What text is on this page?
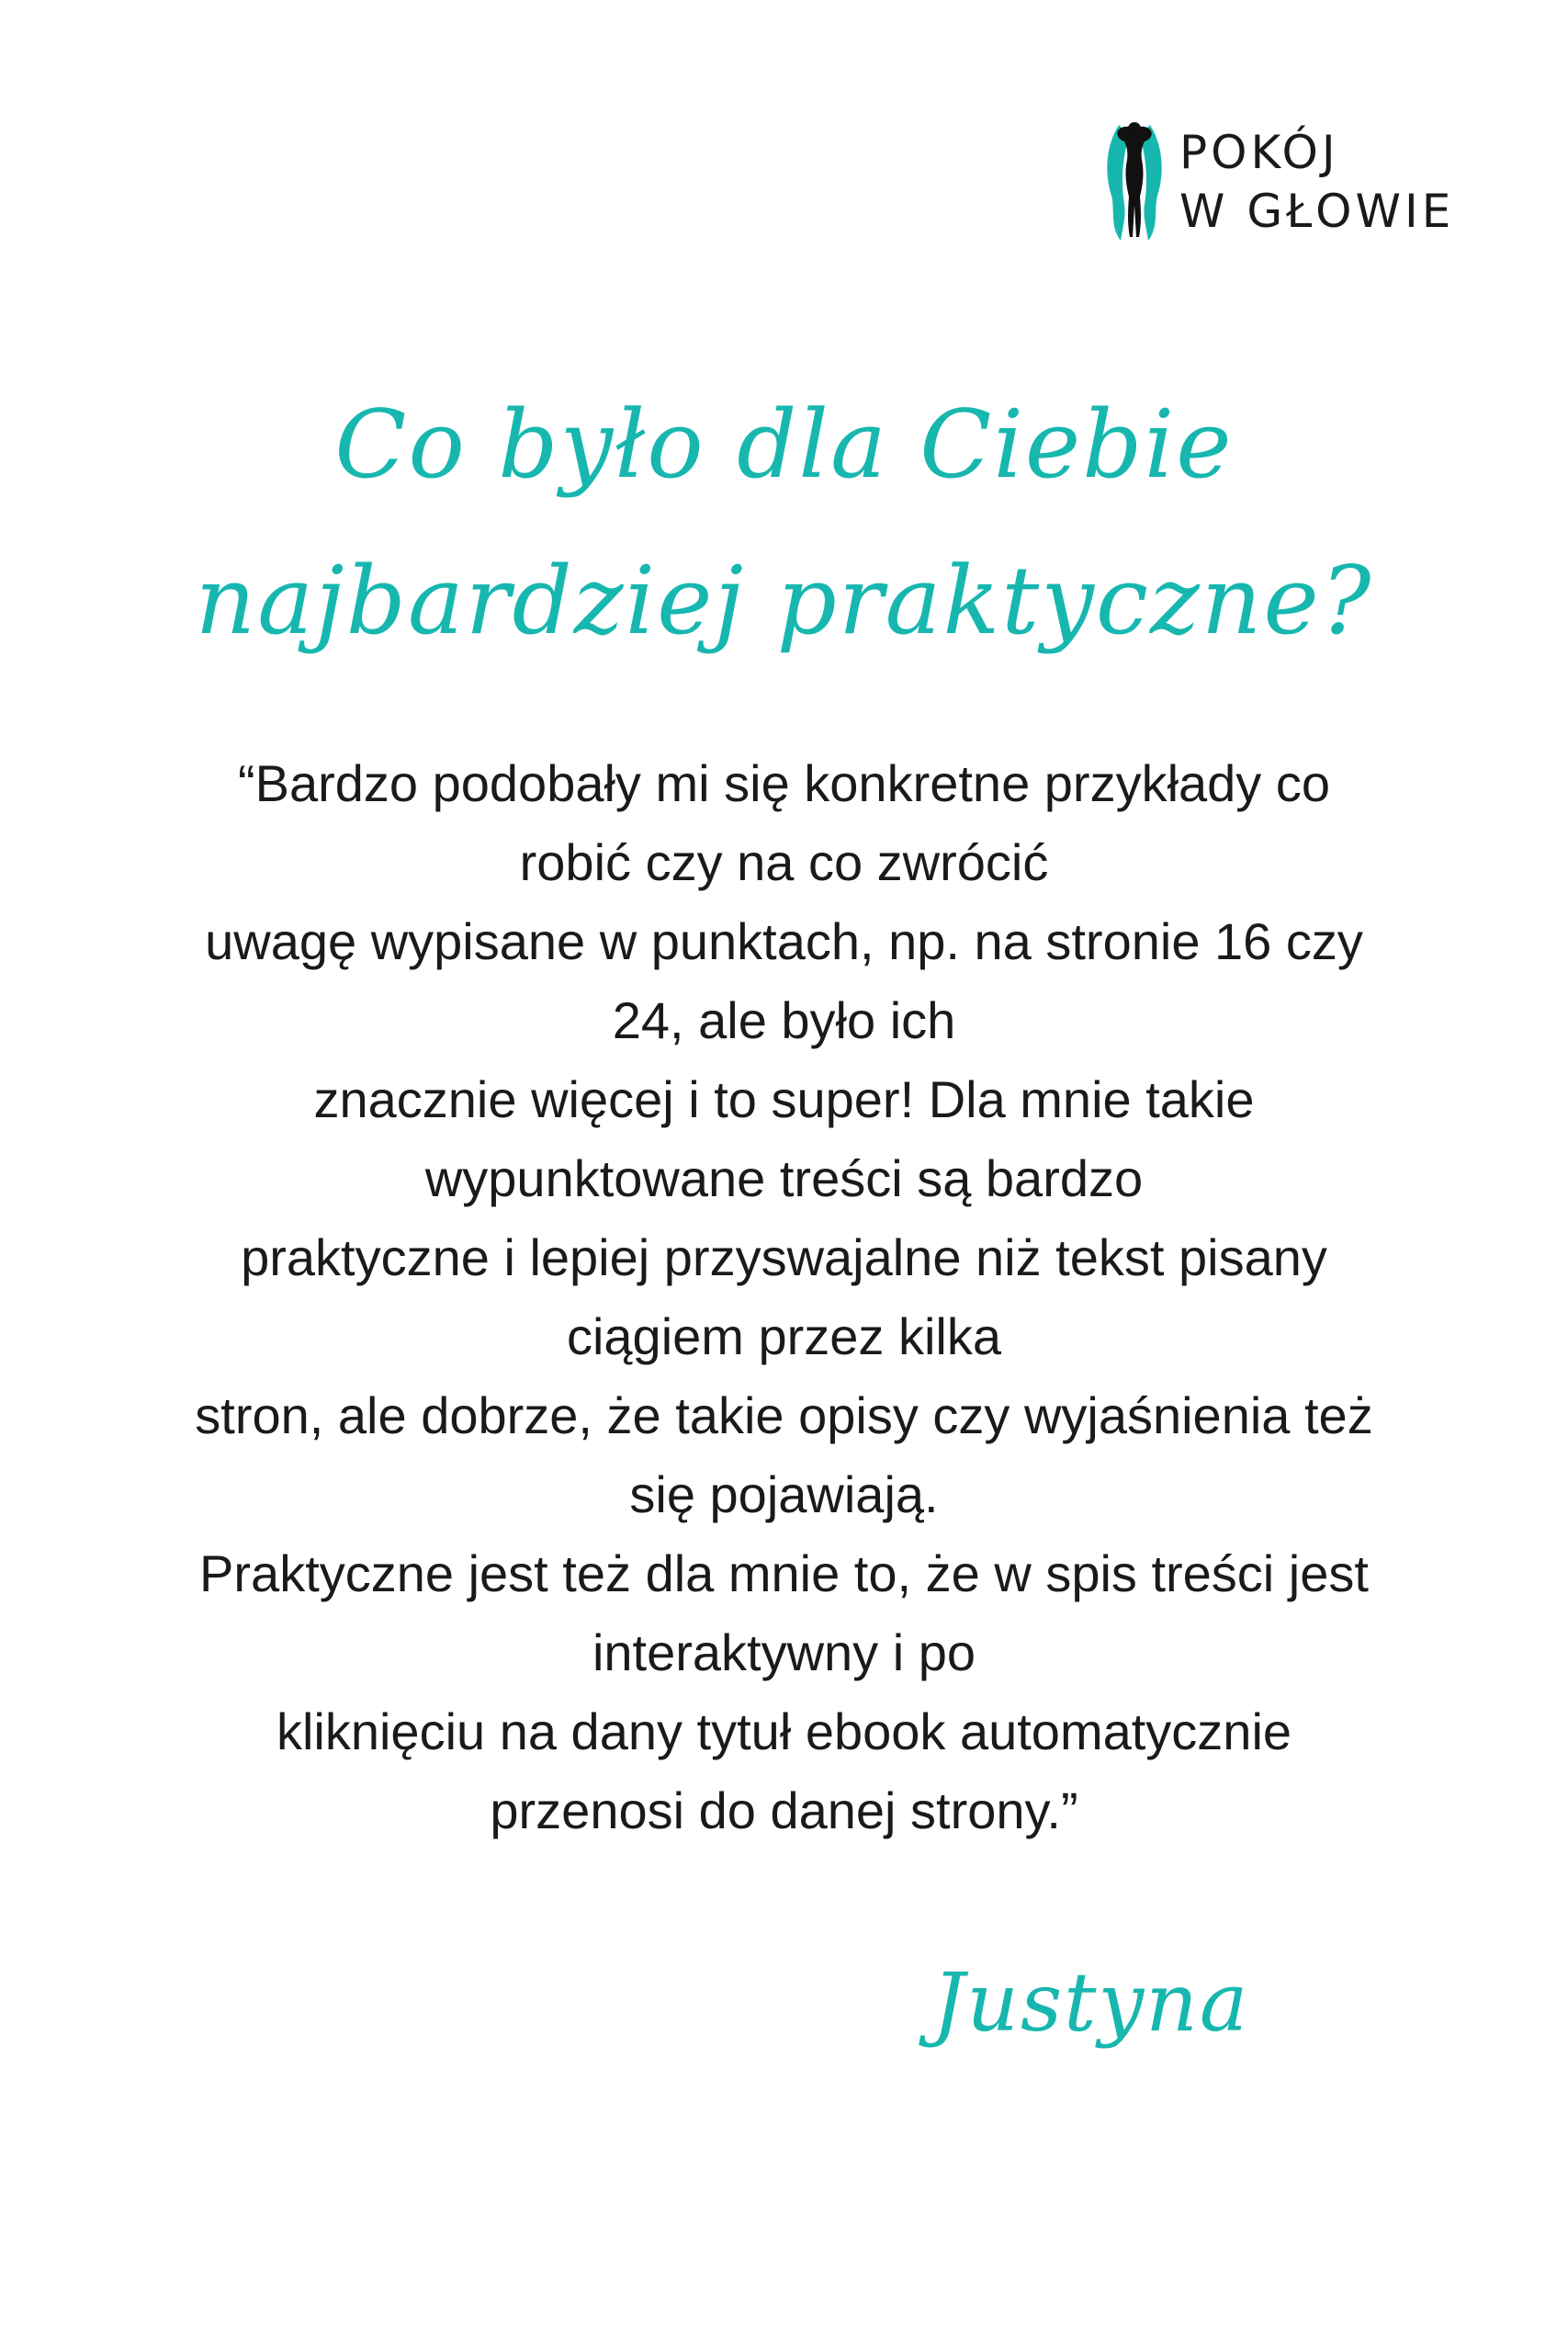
POKÓJ
W GŁOWIE
Co było dla Ciebie
najbardziej praktyczne?

“Bardzo podobały mi się konkretne przykłady co
robić czy na co zwrócić
uwagę wypisane w punktach, np. na stronie 16 czy
24, ale było ich
znacznie więcej i to super! Dla mnie takie
wypunktowane treści są bardzo
praktyczne i lepiej przyswajalne niż tekst pisany
ciągiem przez kilka
stron, ale dobrze, że takie opisy czy wyjaśnienia też
się pojawiają.
Praktyczne jest też dla mnie to, że w spis treści jest
interaktywny i po
kliknięciu na dany tytuł ebook automatycznie
przenosi do danej strony.”

Justyna
